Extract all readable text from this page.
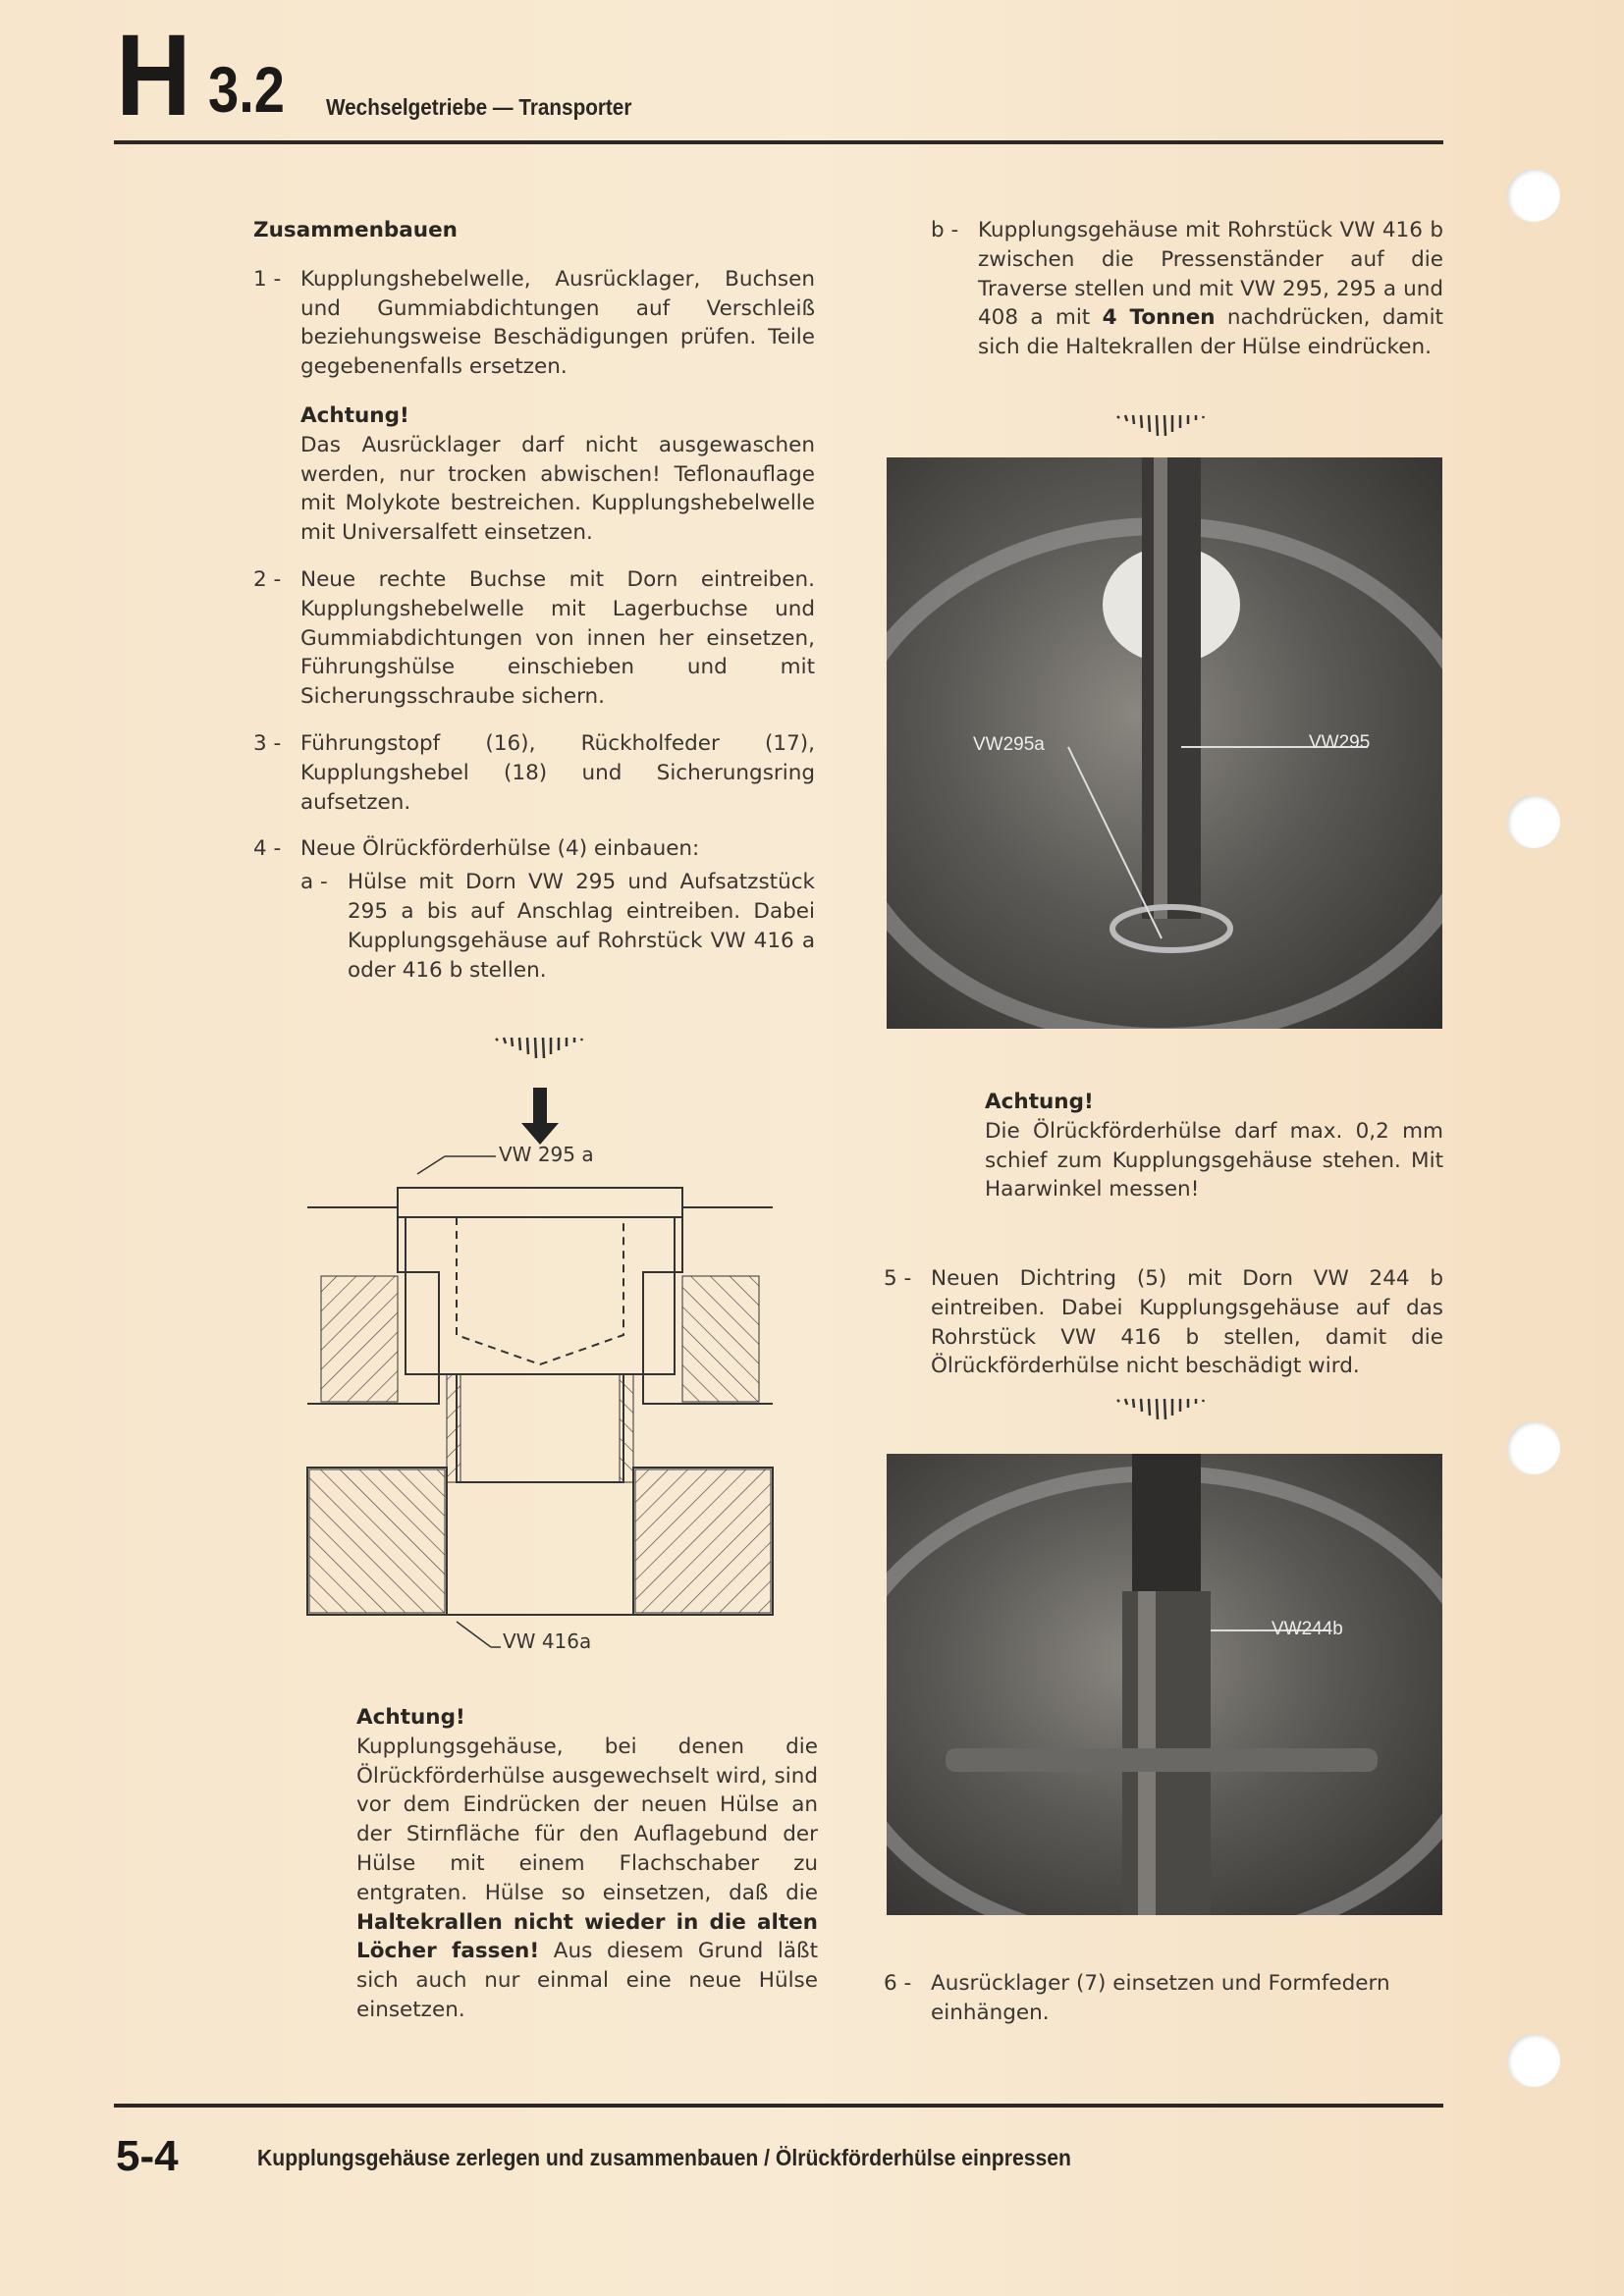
H 3.2 Wechselgetriebe — Transporter
Zusammenbauen
1 - Kupplungshebelwelle, Ausrücklager, Buchsen und Gummiabdichtungen auf Verschleiß beziehungsweise Beschädigungen prüfen. Teile gegebenenfalls ersetzen.
Achtung!
Das Ausrücklager darf nicht ausgewaschen werden, nur trocken abwischen! Teflonauflage mit Molykote bestreichen. Kupplungshebelwelle mit Universalfett einsetzen.
2 - Neue rechte Buchse mit Dorn eintreiben. Kupplungshebelwelle mit Lagerbuchse und Gummiabdichtungen von innen her einsetzen, Führungshülse einschieben und mit Sicherungsschraube sichern.
3 - Führungstopf (16), Rückholfeder (17), Kupplungshebel (18) und Sicherungsring aufsetzen.
4 - Neue Ölrückförderhülse (4) einbauen:
a - Hülse mit Dorn VW 295 und Aufsatzstück 295 a bis auf Anschlag eintreiben. Dabei Kupplungsgehäuse auf Rohrstück VW 416 a oder 416 b stellen.
VW 295 a
VW 416a
Achtung!
Kupplungsgehäuse, bei denen die Ölrückförderhülse ausgewechselt wird, sind vor dem Eindrücken der neuen Hülse an der Stirnfläche für den Auflagebund der Hülse mit einem Flachschaber zu entgraten. Hülse so einsetzen, daß die Haltekrallen nicht wieder in die alten Löcher fassen! Aus diesem Grund läßt sich auch nur einmal eine neue Hülse einsetzen.
b - Kupplungsgehäuse mit Rohrstück VW 416 b zwischen die Pressenständer auf die Traverse stellen und mit VW 295, 295 a und 408 a mit 4 Tonnen nachdrücken, damit sich die Haltekrallen der Hülse eindrücken.
VW295a	VW295
Achtung!
Die Ölrückförderhülse darf max. 0,2 mm schief zum Kupplungsgehäuse stehen. Mit Haarwinkel messen!
5 - Neuen Dichtring (5) mit Dorn VW 244 b eintreiben. Dabei Kupplungsgehäuse auf das Rohrstück VW 416 b stellen, damit die Ölrückförderhülse nicht beschädigt wird.
VW244b
6 - Ausrücklager (7) einsetzen und Formfedern einhängen.
5-4	Kupplungsgehäuse zerlegen und zusammenbauen / Ölrückförderhülse einpressen
